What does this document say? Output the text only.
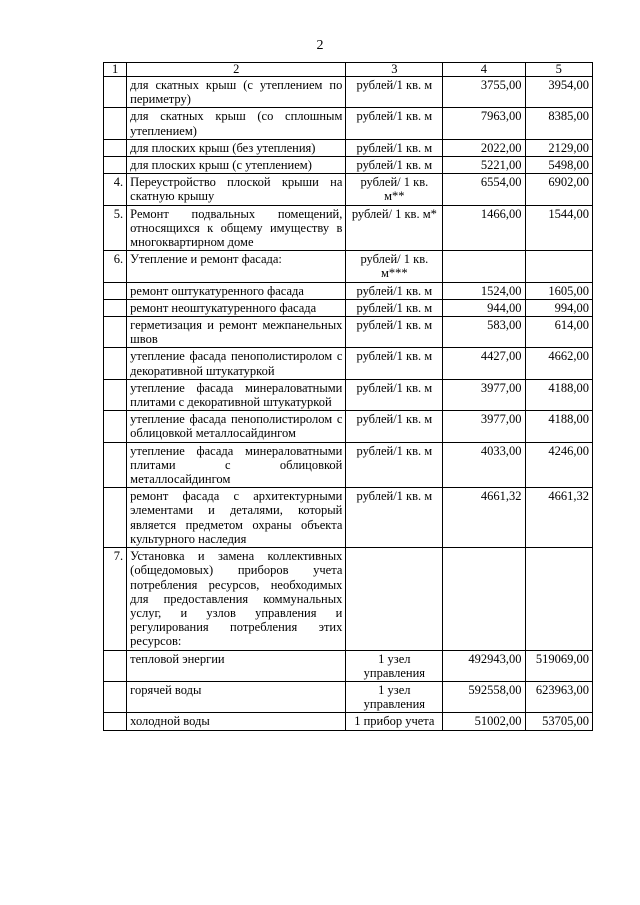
2
1	2	3	4	5
	для скатных крыш (с утеплением по периметру)	рублей/1 кв. м	3755,00	3954,00
	для скатных крыш (со сплошным утеплением)	рублей/1 кв. м	7963,00	8385,00
	для плоских крыш (без утепления)	рублей/1 кв. м	2022,00	2129,00
	для плоских крыш (с утеплением)	рублей/1 кв. м	5221,00	5498,00
4.	Переустройство плоской крыши на скатную крышу	рублей/ 1 кв. м**	6554,00	6902,00
5.	Ремонт подвальных помещений, относящихся к общему имуществу в многоквартирном доме	рублей/ 1 кв. м*	1466,00	1544,00
6.	Утепление и ремонт фасада:	рублей/ 1 кв. м***		
	ремонт оштукатуренного фасада	рублей/1 кв. м	1524,00	1605,00
	ремонт неоштукатуренного фасада	рублей/1 кв. м	944,00	994,00
	герметизация и ремонт межпанельных швов	рублей/1 кв. м	583,00	614,00
	утепление фасада пенополистиролом с декоративной штукатуркой	рублей/1 кв. м	4427,00	4662,00
	утепление фасада минераловатными плитами с декоративной штукатуркой	рублей/1 кв. м	3977,00	4188,00
	утепление фасада пенополистиролом с облицовкой металлосайдингом	рублей/1 кв. м	3977,00	4188,00
	утепление фасада минераловатными плитами с облицовкой металлосайдингом	рублей/1 кв. м	4033,00	4246,00
	ремонт фасада с архитектурными элементами и деталями, который является предметом охраны объекта культурного наследия	рублей/1 кв. м	4661,32	4661,32
7.	Установка и замена коллективных (общедомовых) приборов учета потребления ресурсов, необходимых для предоставления коммунальных услуг, и узлов управления и регулирования потребления этих ресурсов:			
	тепловой энергии	1 узел управления	492943,00	519069,00
	горячей воды	1 узел управления	592558,00	623963,00
	холодной воды	1 прибор учета	51002,00	53705,00
